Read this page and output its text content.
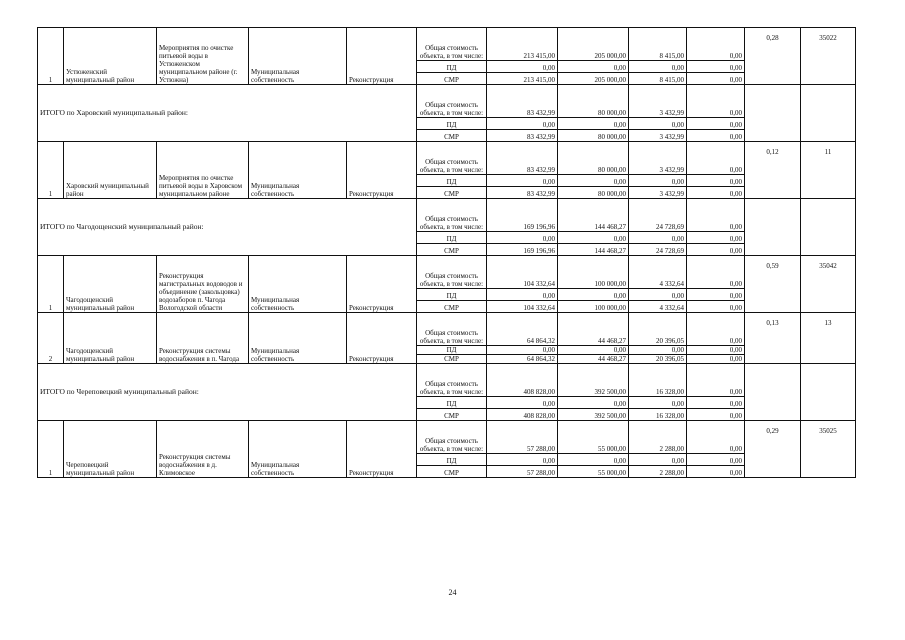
1	Устюженский муниципальный район	Мероприятия по очистке питьевой воды в Устюженском муниципальном районе (г. Устюжна)	Муниципальная собственность	Реконструкция	Общая стоимость объекта, в том числе:	213 415,00	205 000,00	8 415,00	0,00	0,28	35022
					ПД	0,00	0,00	0,00	0,00		
					СМР	213 415,00	205 000,00	8 415,00	0,00		
ИТОГО по Харовский муниципальный район:					Общая стоимость объекта, в том числе:	83 432,99	80 000,00	3 432,99	0,00		
					ПД	0,00	0,00	0,00	0,00		
					СМР	83 432,99	80 000,00	3 432,99	0,00		
1	Харовский муниципальный район	Мероприятия по очистке питьевой воды в Харовском муниципальном районе	Муниципальная собственность	Реконструкция	Общая стоимость объекта, в том числе:	83 432,99	80 000,00	3 432,99	0,00	0,12	11
					ПД	0,00	0,00	0,00	0,00		
					СМР	83 432,99	80 000,00	3 432,99	0,00		
ИТОГО по Чагодощенский муниципальный район:					Общая стоимость объекта, в том числе:	169 196,96	144 468,27	24 728,69	0,00		
					ПД	0,00	0,00	0,00	0,00		
					СМР	169 196,96	144 468,27	24 728,69	0,00		
1	Чагодощенский муниципальный район	Реконструкция магистральных водоводов и объединение (закольцовка) водозаборов п. Чагода Вологодской области	Муниципальная собственность	Реконструкция	Общая стоимость объекта, в том числе:	104 332,64	100 000,00	4 332,64	0,00	0,59	35042
					ПД	0,00	0,00	0,00	0,00		
					СМР	104 332,64	100 000,00	4 332,64	0,00		
2	Чагодощенский муниципальный район	Реконструкция системы водоснабжения в п. Чагода	Муниципальная собственность	Реконструкция	Общая стоимость объекта, в том числе:	64 864,32	44 468,27	20 396,05	0,00	0,13	13
					ПД	0,00	0,00	0,00	0,00		
					СМР	64 864,32	44 468,27	20 396,05	0,00		
ИТОГО по Череповецкий муниципальный район:					Общая стоимость объекта, в том числе:	408 828,00	392 500,00	16 328,00	0,00		
					ПД	0,00	0,00	0,00	0,00		
					СМР	408 828,00	392 500,00	16 328,00	0,00		
1	Череповецкий муниципальный район	Реконструкция системы водоснабжения в д. Климовское	Муниципальная собственность	Реконструкция	Общая стоимость объекта, в том числе:	57 288,00	55 000,00	2 288,00	0,00	0,29	35025
					ПД	0,00	0,00	0,00	0,00		
					СМР	57 288,00	55 000,00	2 288,00	0,00		
24
